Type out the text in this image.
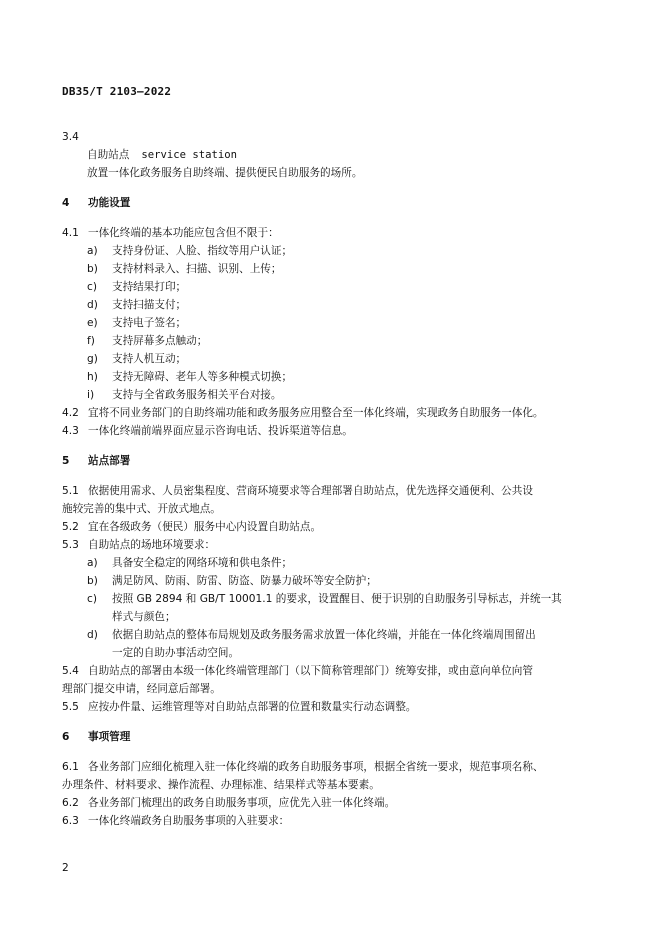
DB35/T 2103—2022
3.4
自助站点 service station
放置一体化政务服务自助终端、提供便民自助服务的场所。
4 功能设置
4.1 一体化终端的基本功能应包含但不限于：
a) 支持身份证、人脸、指纹等用户认证；
b) 支持材料录入、扫描、识别、上传；
c) 支持结果打印；
d) 支持扫描支付；
e) 支持电子签名；
f) 支持屏幕多点触动；
g) 支持人机互动；
h) 支持无障碍、老年人等多种模式切换；
i) 支持与全省政务服务相关平台对接。
4.2 宜将不同业务部门的自助终端功能和政务服务应用整合至一体化终端，实现政务自助服务一体化。
4.3 一体化终端前端界面应显示咨询电话、投诉渠道等信息。
5 站点部署
5.1 依据使用需求、人员密集程度、营商环境要求等合理部署自助站点，优先选择交通便利、公共设
施较完善的集中式、开放式地点。
5.2 宜在各级政务（便民）服务中心内设置自助站点。
5.3 自助站点的场地环境要求：
a) 具备安全稳定的网络环境和供电条件；
b) 满足防风、防雨、防雷、防盗、防暴力破坏等安全防护；
c) 按照 GB 2894 和 GB/T 10001.1 的要求，设置醒目、便于识别的自助服务引导标志，并统一其
样式与颜色；
d) 依据自助站点的整体布局规划及政务服务需求放置一体化终端，并能在一体化终端周围留出
一定的自助办事活动空间。
5.4 自助站点的部署由本级一体化终端管理部门（以下简称管理部门）统筹安排，或由意向单位向管
理部门提交申请，经同意后部署。
5.5 应按办件量、运维管理等对自助站点部署的位置和数量实行动态调整。
6 事项管理
6.1 各业务部门应细化梳理入驻一体化终端的政务自助服务事项，根据全省统一要求，规范事项名称、
办理条件、材料要求、操作流程、办理标准、结果样式等基本要素。
6.2 各业务部门梳理出的政务自助服务事项，应优先入驻一体化终端。
6.3 一体化终端政务自助服务事项的入驻要求：
2
